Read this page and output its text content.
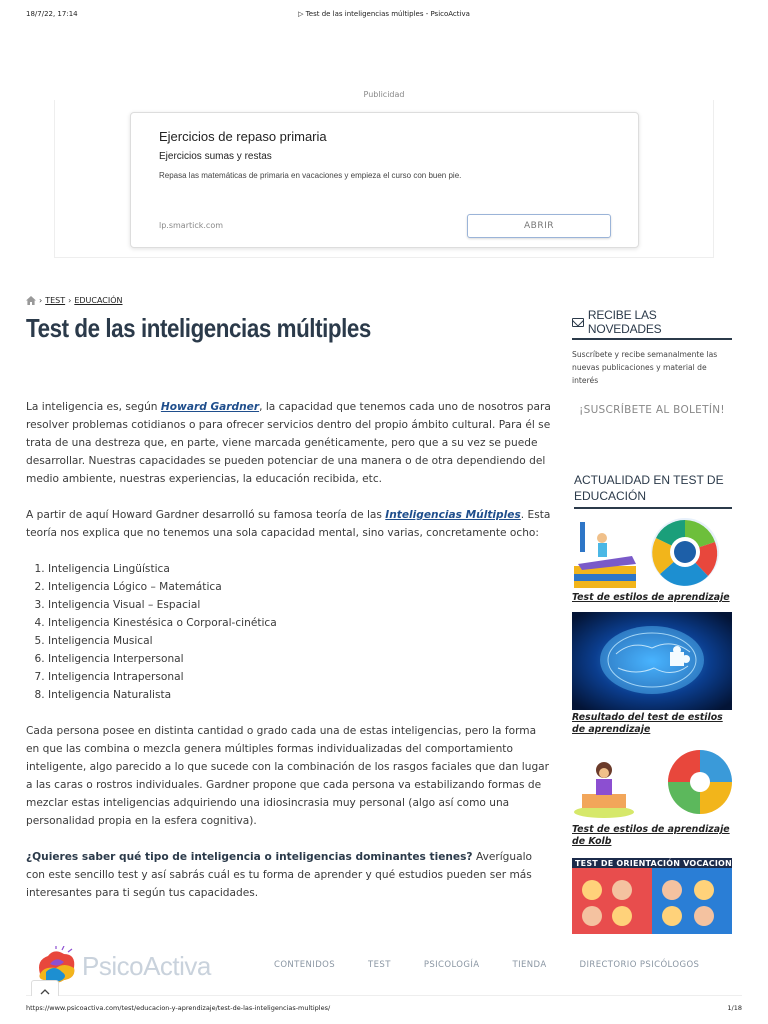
18/7/22, 17:14	▷ Test de las inteligencias múltiples - PsicoActiva
Publicidad
Ejercicios de repaso primaria
Ejercicios sumas y restas
Repasa las matemáticas de primaria en vacaciones y empieza el curso con buen pie.
lp.smartick.com	ABRIR
› TEST › EDUCACIÓN
Test de las inteligencias múltiples

La inteligencia es, según Howard Gardner, la capacidad que tenemos cada uno de nosotros para resolver problemas cotidianos o para ofrecer servicios dentro del propio ámbito cultural. Para él se trata de una destreza que, en parte, viene marcada genéticamente, pero que a su vez se puede desarrollar. Nuestras capacidades se pueden potenciar de una manera o de otra dependiendo del medio ambiente, nuestras experiencias, la educación recibida, etc.

A partir de aquí Howard Gardner desarrolló su famosa teoría de las Inteligencias Múltiples. Esta teoría nos explica que no tenemos una sola capacidad mental, sino varias, concretamente ocho:

1. Inteligencia Lingüística
2. Inteligencia Lógico – Matemática
3. Inteligencia Visual – Espacial
4. Inteligencia Kinestésica o Corporal-cinética
5. Inteligencia Musical
6. Inteligencia Interpersonal
7. Inteligencia Intrapersonal
8. Inteligencia Naturalista

Cada persona posee en distinta cantidad o grado cada una de estas inteligencias, pero la forma en que las combina o mezcla genera múltiples formas individualizadas del comportamiento inteligente, algo parecido a lo que sucede con la combinación de los rasgos faciales que dan lugar a las caras o rostros individuales. Gardner propone que cada persona va estabilizando formas de mezclar estas inteligencias adquiriendo una idiosincrasia muy personal (algo así como una personalidad propia en la esfera cognitiva).

¿Quieres saber qué tipo de inteligencia o inteligencias dominantes tienes? Averígualo con este sencillo test y así sabrás cuál es tu forma de aprender y qué estudios pueden ser más interesantes para ti según tus capacidades.

RECIBE LAS NOVEDADES
Suscríbete y recibe semanalmente las nuevas publicaciones y material de interés
¡SUSCRÍBETE AL BOLETÍN!
ACTUALIDAD EN TEST DE EDUCACIÓN
Test de estilos de aprendizaje
Resultado del test de estilos de aprendizaje
Test de estilos de aprendizaje de Kolb
TEST DE ORIENTACIÓN VOCACIONAL
PsicoActiva	CONTENIDOS	TEST	PSICOLOGÍA	TIENDA	DIRECTORIO PSICÓLOGOS
https://www.psicoactiva.com/test/educacion-y-aprendizaje/test-de-las-inteligencias-multiples/	1/18
